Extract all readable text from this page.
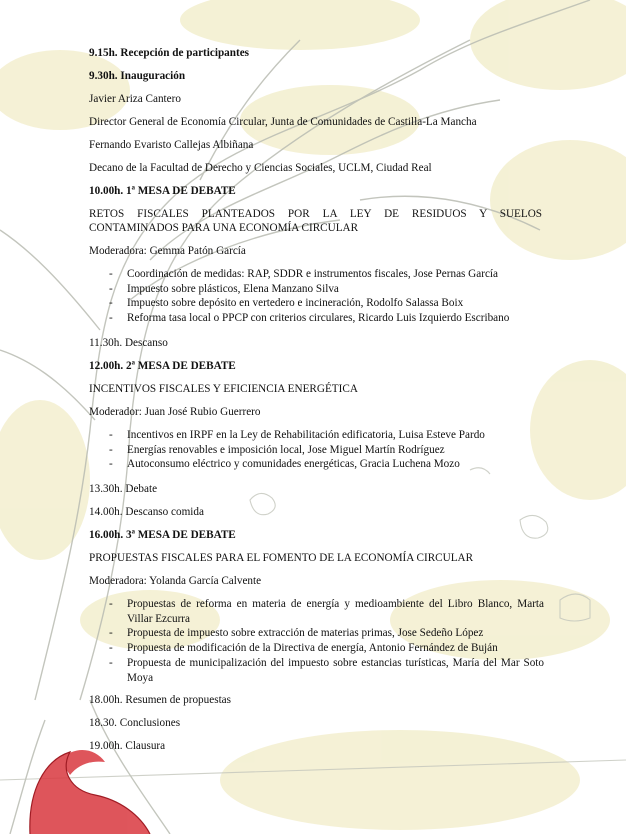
9.15h. Recepción de participantes
9.30h. Inauguración
Javier Ariza Cantero
Director General de Economía Circular, Junta de Comunidades de Castilla-La Mancha
Fernando Evaristo Callejas Albiñana
Decano de la Facultad de Derecho y Ciencias Sociales, UCLM, Ciudad Real
10.00h. 1ª MESA DE DEBATE
RETOS FISCALES PLANTEADOS POR LA LEY DE RESIDUOS Y SUELOS
CONTAMINADOS PARA UNA ECONOMÍA CIRCULAR
Moderadora: Gemma Patón García
- Coordinación de medidas: RAP, SDDR e instrumentos fiscales, Jose Pernas García
- Impuesto sobre plásticos, Elena Manzano Silva
- Impuesto sobre depósito en vertedero e incineración, Rodolfo Salassa Boix
- Reforma tasa local o PPCP con criterios circulares, Ricardo Luis Izquierdo Escribano
11.30h. Descanso
12.00h. 2ª MESA DE DEBATE
INCENTIVOS FISCALES Y EFICIENCIA ENERGÉTICA
Moderador: Juan José Rubio Guerrero
- Incentivos en IRPF en la Ley de Rehabilitación edificatoria, Luisa Esteve Pardo
- Energías renovables e imposición local, Jose Miguel Martín Rodríguez
- Autoconsumo eléctrico y comunidades energéticas, Gracia Luchena Mozo
13.30h. Debate
14.00h. Descanso comida
16.00h. 3ª MESA DE DEBATE
PROPUESTAS FISCALES PARA EL FOMENTO DE LA ECONOMÍA CIRCULAR
Moderadora: Yolanda García Calvente
- Propuestas de reforma en materia de energía y medioambiente del Libro Blanco, Marta Villar Ezcurra
- Propuesta de impuesto sobre extracción de materias primas, Jose Sedeño López
- Propuesta de modificación de la Directiva de energía, Antonio Fernández de Buján
- Propuesta de municipalización del impuesto sobre estancias turísticas, María del Mar Soto Moya
18.00h. Resumen de propuestas
18.30. Conclusiones
19.00h. Clausura
